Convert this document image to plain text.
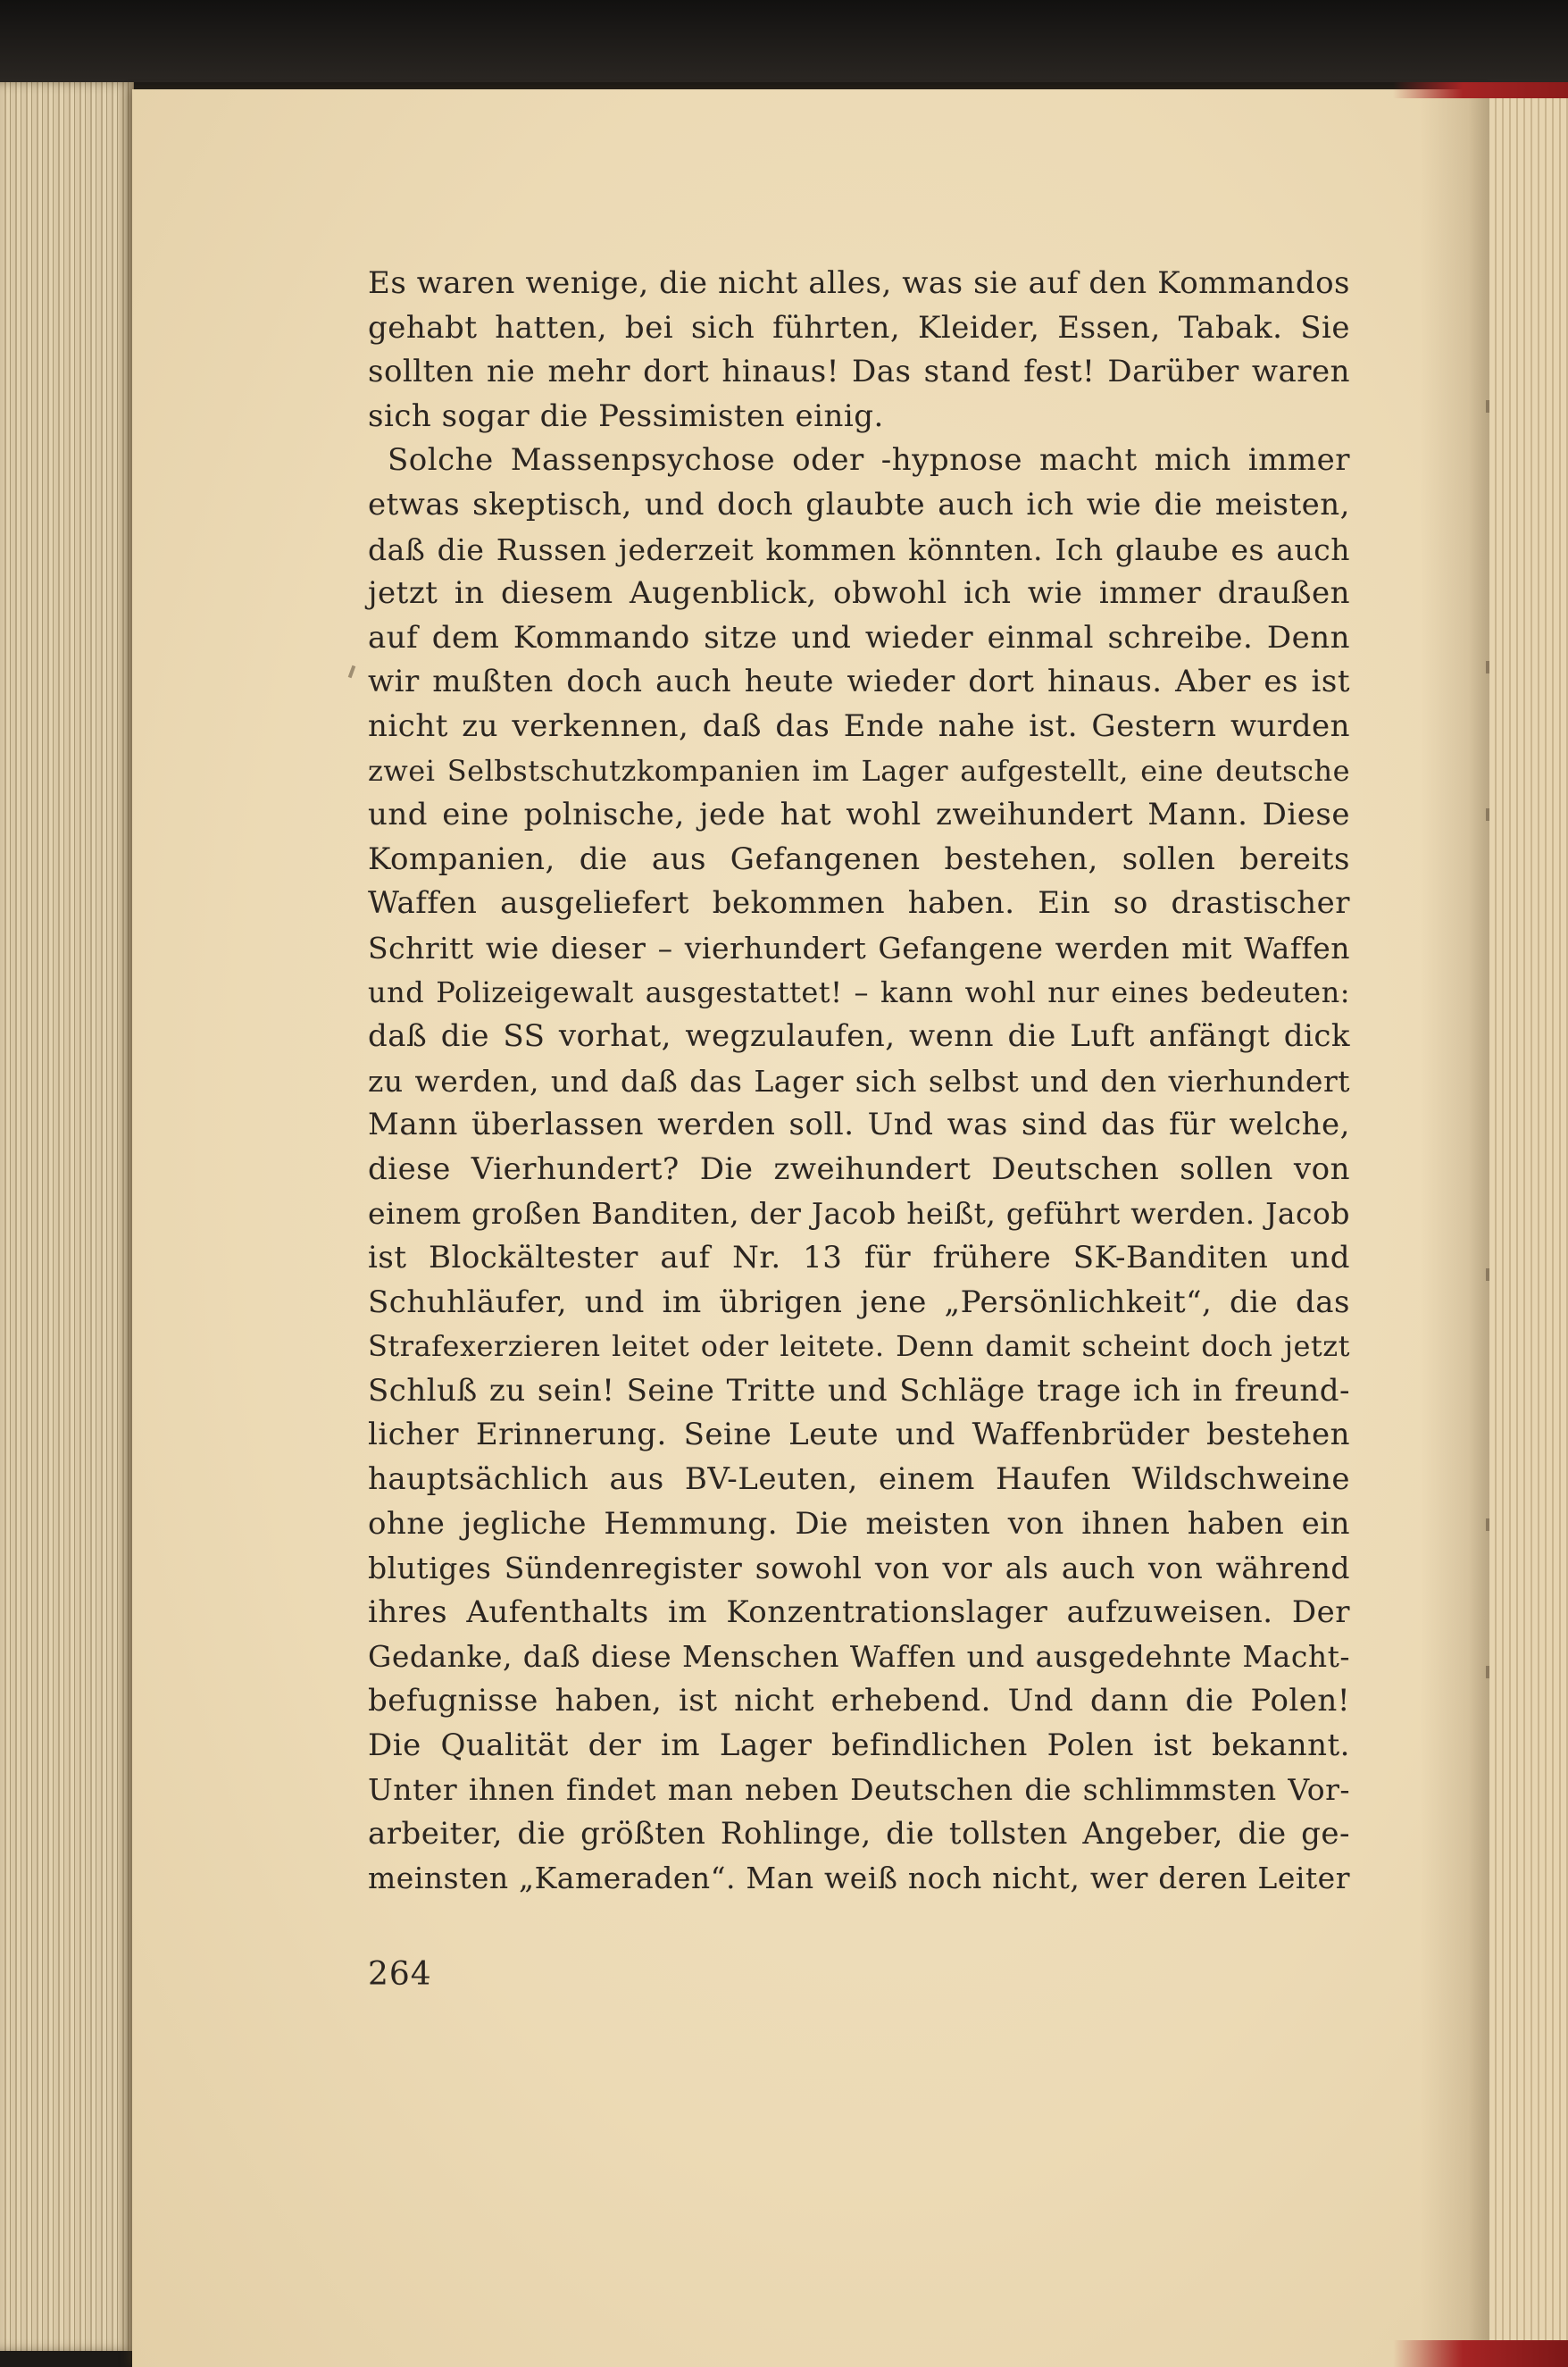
Es waren wenige, die nicht alles, was sie auf den Kommandos
gehabt hatten, bei sich führten, Kleider, Essen, Tabak. Sie
sollten nie mehr dort hinaus! Das stand fest! Darüber waren
sich sogar die Pessimisten einig.
Solche Massenpsychose oder -hypnose macht mich immer
etwas skeptisch, und doch glaubte auch ich wie die meisten,
daß die Russen jederzeit kommen könnten. Ich glaube es auch
jetzt in diesem Augenblick, obwohl ich wie immer draußen
auf dem Kommando sitze und wieder einmal schreibe. Denn
wir mußten doch auch heute wieder dort hinaus. Aber es ist
nicht zu verkennen, daß das Ende nahe ist. Gestern wurden
zwei Selbstschutzkompanien im Lager aufgestellt, eine deutsche
und eine polnische, jede hat wohl zweihundert Mann. Diese
Kompanien, die aus Gefangenen bestehen, sollen bereits
Waffen ausgeliefert bekommen haben. Ein so drastischer
Schritt wie dieser – vierhundert Gefangene werden mit Waffen
und Polizeigewalt ausgestattet! – kann wohl nur eines bedeuten:
daß die SS vorhat, wegzulaufen, wenn die Luft anfängt dick
zu werden, und daß das Lager sich selbst und den vierhundert
Mann überlassen werden soll. Und was sind das für welche,
diese Vierhundert? Die zweihundert Deutschen sollen von
einem großen Banditen, der Jacob heißt, geführt werden. Jacob
ist Blockältester auf Nr. 13 für frühere SK-Banditen und
Schuhläufer, und im übrigen jene „Persönlichkeit“, die das
Strafexerzieren leitet oder leitete. Denn damit scheint doch jetzt
Schluß zu sein! Seine Tritte und Schläge trage ich in freund-
licher Erinnerung. Seine Leute und Waffenbrüder bestehen
hauptsächlich aus BV-Leuten, einem Haufen Wildschweine
ohne jegliche Hemmung. Die meisten von ihnen haben ein
blutiges Sündenregister sowohl von vor als auch von während
ihres Aufenthalts im Konzentrationslager aufzuweisen. Der
Gedanke, daß diese Menschen Waffen und ausgedehnte Macht-
befugnisse haben, ist nicht erhebend. Und dann die Polen!
Die Qualität der im Lager befindlichen Polen ist bekannt.
Unter ihnen findet man neben Deutschen die schlimmsten Vor-
arbeiter, die größten Rohlinge, die tollsten Angeber, die ge-
meinsten „Kameraden“. Man weiß noch nicht, wer deren Leiter
264
